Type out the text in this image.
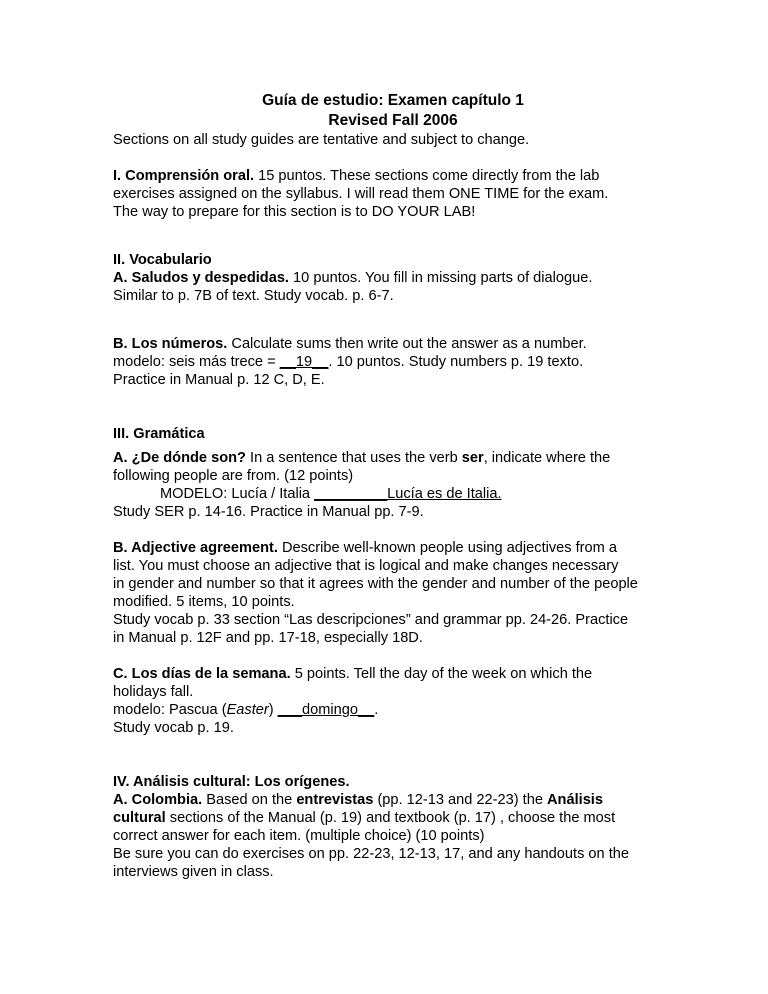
Guía de estudio: Examen capítulo 1

Revised Fall 2006

Sections on all study guides are tentative and subject to change.

I. Comprensión oral. 15 puntos. These sections come directly from the lab

exercises assigned on the syllabus. I will read them ONE TIME for the exam.

The way to prepare for this section is to DO YOUR LAB!

II. Vocabulario

A. Saludos y despedidas. 10 puntos. You fill in missing parts of dialogue.

Similar to p. 7B of text. Study vocab. p. 6-7.

B. Los números. Calculate sums then write out the answer as a number.

modelo: seis más trece = __19__. 10 puntos. Study numbers p. 19 texto.

Practice in Manual p. 12 C, D, E.

III. Gramática

A. ¿De dónde son? In a sentence that uses the verb ser, indicate where the

following people are from. (12 points)

MODELO: Lucía / Italia _________Lucía es de Italia.

Study SER p. 14-16. Practice in Manual pp. 7-9.

B. Adjective agreement. Describe well-known people using adjectives from a

list. You must choose an adjective that is logical and make changes necessary

in gender and number so that it agrees with the gender and number of the people

modified. 5 items, 10 points.

Study vocab p. 33 section “Las descripciones” and grammar pp. 24-26. Practice

in Manual p. 12F and pp. 17-18, especially 18D.

C. Los días de la semana. 5 points. Tell the day of the week on which the

holidays fall.

modelo: Pascua (Easter) ___domingo__.

Study vocab p. 19.

IV. Análisis cultural: Los orígenes.

A. Colombia. Based on the entrevistas (pp. 12-13 and 22-23) the Análisis

cultural sections of the Manual (p. 19) and textbook (p. 17) , choose the most

correct answer for each item. (multiple choice) (10 points)

Be sure you can do exercises on pp. 22-23, 12-13, 17, and any handouts on the

interviews given in class.
